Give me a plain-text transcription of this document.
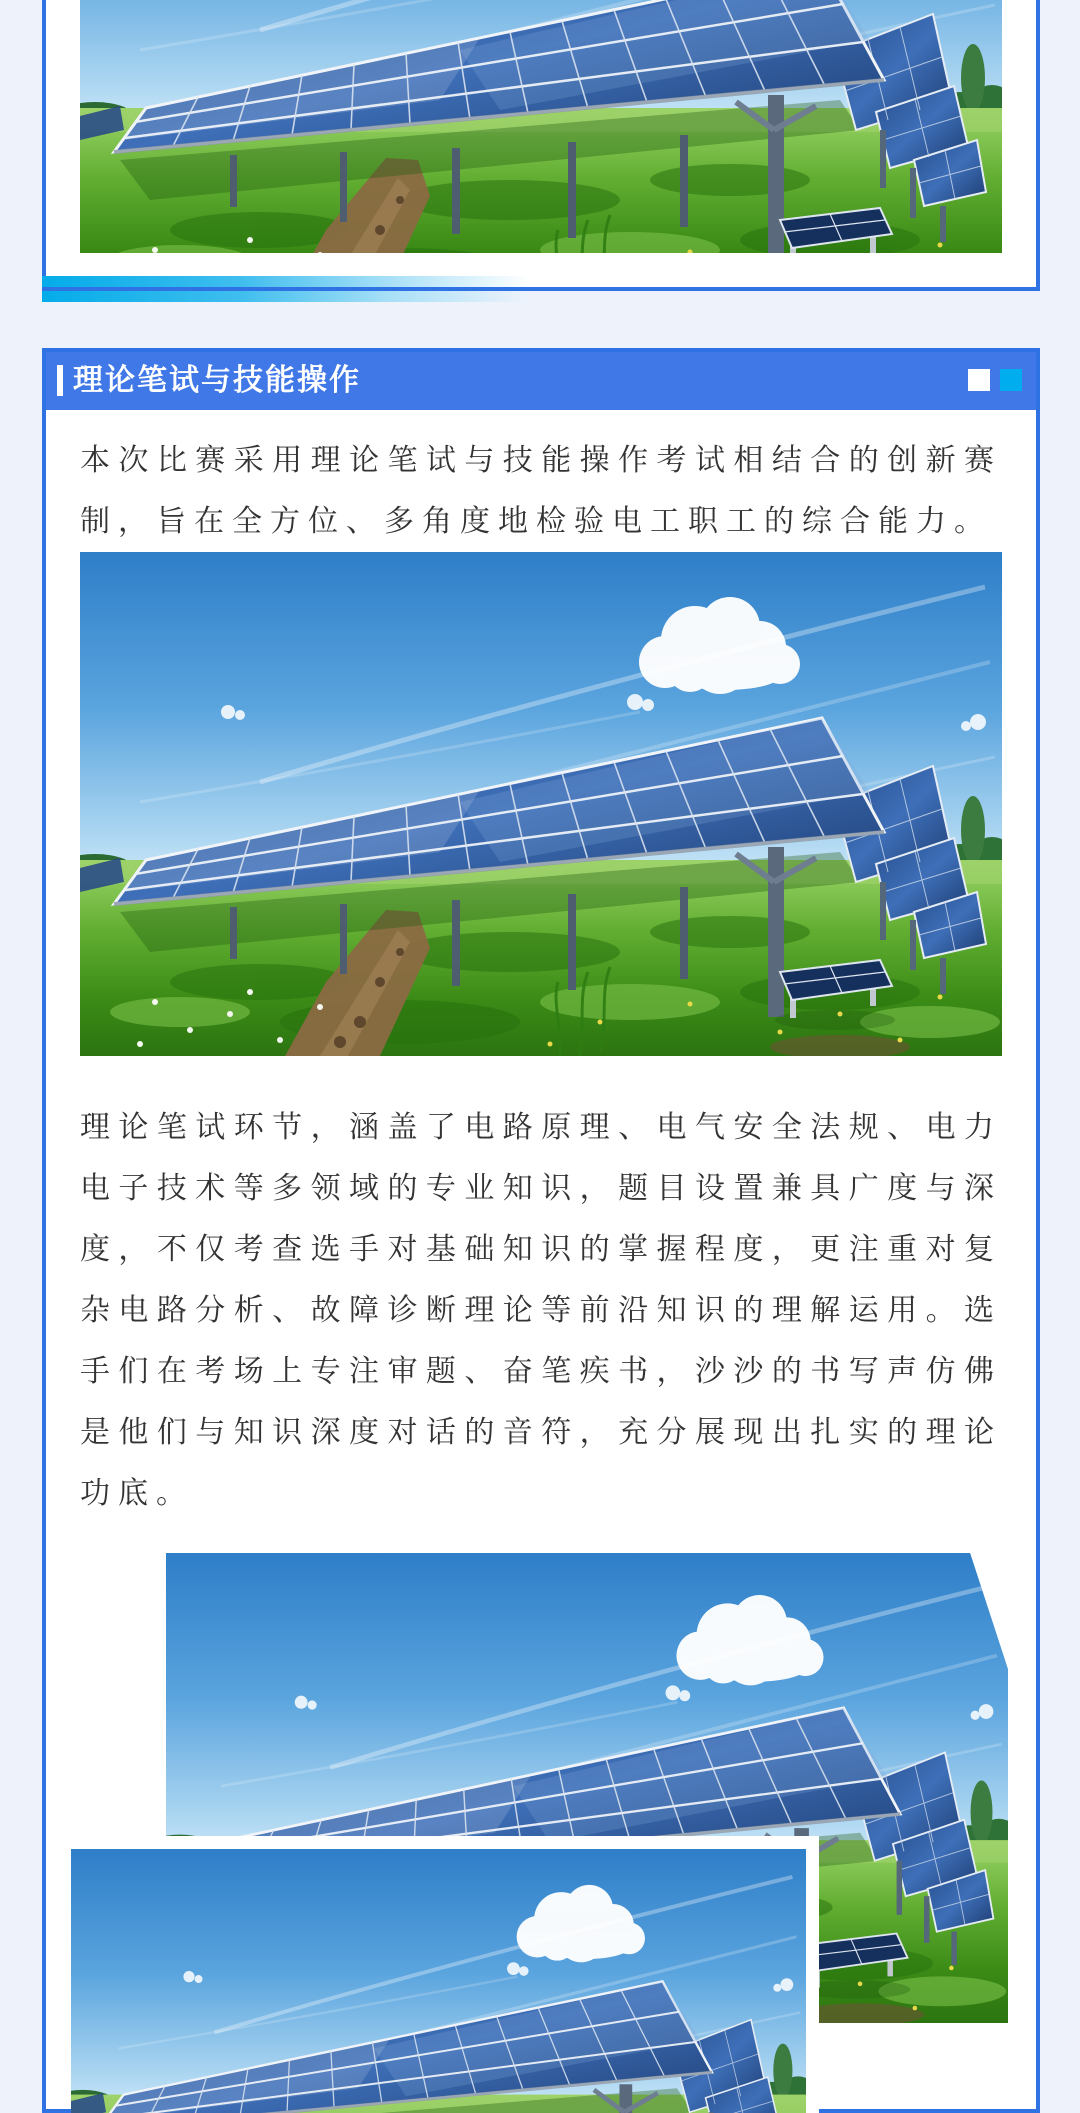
理论笔试与技能操作

本次比赛采用理论笔试与技能操作考试相结合的创新赛制，旨在全方位、多角度地检验电工职工的综合能力。

理论笔试环节，涵盖了电路原理、电气安全法规、电力电子技术等多领域的专业知识，题目设置兼具广度与深度，不仅考查选手对基础知识的掌握程度，更注重对复杂电路分析、故障诊断理论等前沿知识的理解运用。选手们在考场上专注审题、奋笔疾书，沙沙的书写声仿佛是他们与知识深度对话的音符，充分展现出扎实的理论功底。
